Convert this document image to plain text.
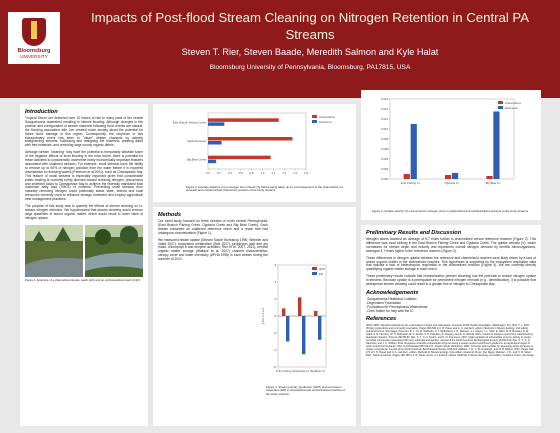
Bloomsburg
UNIVERSITY
Impacts of Post-flood Stream Cleaning on Nitrogen Retention in Central PA Streams
Steven T. Rier, Steven Baade, Meredith Salmon and Kyle Halat
Bloomsburg University of Pennsylvania, Bloomsburg, PA17815, USA
Introduction
Tropical Storm Lee delivered over 19 inches of rain to many parts of the central Susquehanna watershed resulting in historic flooding. Although changes in the position and configuration of stream channels following flood events are natural, the flooding associated with Lee created much anxiety about the potential for future flood damage in this region. Consequently, the response to this extraordinary event has been to "clean" stream channels by actively straightening streams, bulldozing and realigning the channels, creating dikes with bed materials, and removing large woody organic debris.
Although stream "cleaning" may have the potential to temporarily alleviate some of the negative effects of local flooding in the near future, there is potential for these activities to considerably undermine many economically important features associated with unaltered streams. For example, small streams have the ability to remove up to 50% of nitrogen pollution from the water before it is exported downstream to receiving waters (Peterson et al 2001), such as Chesapeake Bay. This feature of small streams is especially important given that considerable public funding is currently being directed toward reducing nitrogen, phosphorus and sediment loads to Chesapeake Bay to achieve the federally mandated total maximum daily load (TMDL) of nutrients. Preventing small streams from naturally removing nitrogen could potentially waste state, federal and local resources currently used to enhance sewage treatment and employ agricultural best management practices.
The purpose of this study was to quantify the effects of stream cleaning on in-stream nitrogen retention. We hypothesized that stream cleaning would remove large quantities of stored organic matter, which would result in lower rates of nitrogen uptake.
Figure 1. Example of a channelized stream reach (left) and an unchannelized reach (right).
0.0 0.2 0.4 0.6 0.8 1.0 1.2 1.4 1.6 1.8
East Branch Fishing Creek
Ogdonia Creek
Big Bear Creek
Channelized
Reference
Figure 2. Average distance (m) a nitrogen atom travels (S) before being taken up by microorganisms in the channelized (i.e. cleaned) and unchannelized (reference) sections of the study streams.
0.000
0.002
0.004
0.006
0.008
0.010
0.012
0.014
0.016
E.B. Fishing Cr.	Ogdonia Cr.	Big Bear Cr.
Channelized
Reference
Figure 3. Uptake velocity (V) of ammonium nitrogen (m/s) in channelized and unchannelized sections of the study streams.
Methods
Our initial study focused on three streams in north central Pennsylvania: (East Branch Fishing Creek, Ogdonia Creek and Big Bear Creek). Each stream contained an unaltered reference reach and a reach that had undergone channelization (Figure 1).
We measured nitrate uptake (Stream Solute Workshop 1990; Webster and Valett 2007), ecosystem metabolism (Bott 2007), periphyton (ash free dry mass, chlorophyll a and enzyme activities; Rier et al. 2007, 2011), benthic organic matter storage (Wallace et al. 2007) channel characteristics, canopy cover and water chemistry (APHA 1998) in each stream during the summer of 2012.
-6
-4
-2
0
2
4
6
g O2 m-2 d-1
E.B. Fishing Cr.
Ogdonia Cr. Big Bear Cr.
GPP
ER
Figure 4. Stream primary production (GPP) and ecosystem respiration (ER) in channelized and unchannelized reaches of the study streams.
Preliminary Results and Discussion
Nitrogen atoms traveled an average of 5.7 times further in channelized versus reference reaches (Figure 2). This difference was most striking in the East Branch Fishing Creek and Ogdonia Creek. The uptake velocity (V), which normalizes for stream depth and velocity and represents overall nitrogen demand by benthic microorganisms, averaged 4.7 times higher in the reference reaches (Figure 3).
These differences in nitrogen uptake between the reference and channelized reaches were likely driven by a lack of stored organic matter in the channelized reaches. This hypothesis is supported by the ecosystem respiration data that indicate a lack of heterotrophic respiration in the channelized reaches (Figure 4). We are currently directly quantifying organic matter storage in each reach.
These preliminary results indicate that channelization (stream cleaning) has the potential to reduce nitrogen uptake in streams. Because uptake is a prerequisite for permanent nitrogen removal (e.g., denitrification), it is possible that widespread stream cleaning could result in a greater flux of nitrogen to Chesapeake Bay.
Acknowledgements
-Susquehanna Heartland Coalition
-Degenstein Foundation
-Foundation for Pennsylvania Watersheds
-Chris Hallen for help with the IC
References
APHA 1998. Standard methods for the examination of water and wastewater. American Public Health Association, Washington, D.C. Bott, T. L. 2007. Primary productivity and community respiration. Pages 663-690 in F. R. Hauer and G. A. Lamberti, editors. Methods in Stream Ecology, 2nd edition. Academic Press, San Diego. Peterson, B. J., W. M. Wollheim, P. J. Mulholland, J. R. Webster, J. L. Meyer, J. L. Tank, E. Marti, W. B. Bowden, H. M. Valett, A. E. Hershey, W. H. McDowell, W. K. Dodds, S. K. Hamilton, S. Gregory, and D. D. Morrall. 2001. Control of nitrogen export from watersheds by headwater streams. Science 292:86-90. Rier, S. T., K. A. Kuehn, and S. N. Francoeur. 2007. Algal regulation of extracellular enzyme activity in stream microbial communities associated with inert substrata and detritus. Journal of the North American Benthological Society 26:439-449. Rier, S. T., K. S. Nawrocki, and J. C. Whitley. 2011. Response of biofilm extracellular enzymes along a stream nutrient enrichment gradient in an agricultural region of north central Pennsylvania, USA. Hydrobiologia 669:119-131. Stream Solute Workshop. 1990. Concepts and methods for assessing solute dynamics in stream ecosystems. Journal of the North American Benthological Society 9:95-119. Wallace, J. B., J. W. Grubaugh, and M. R. Whiles. 2007. Pages 249-271 in F. R. Hauer and G. A. Lamberti, editors. Methods in Stream Ecology, 2nd edition. Academic Press, San Diego. Webster, J. R., and H. M. Valett. 2007. Solute dynamics. Pages 169-186 in F. R. Hauer and G. A. Lamberti, editors. Methods in Stream Ecology, 2nd edition. Academic Press, San Diego.
